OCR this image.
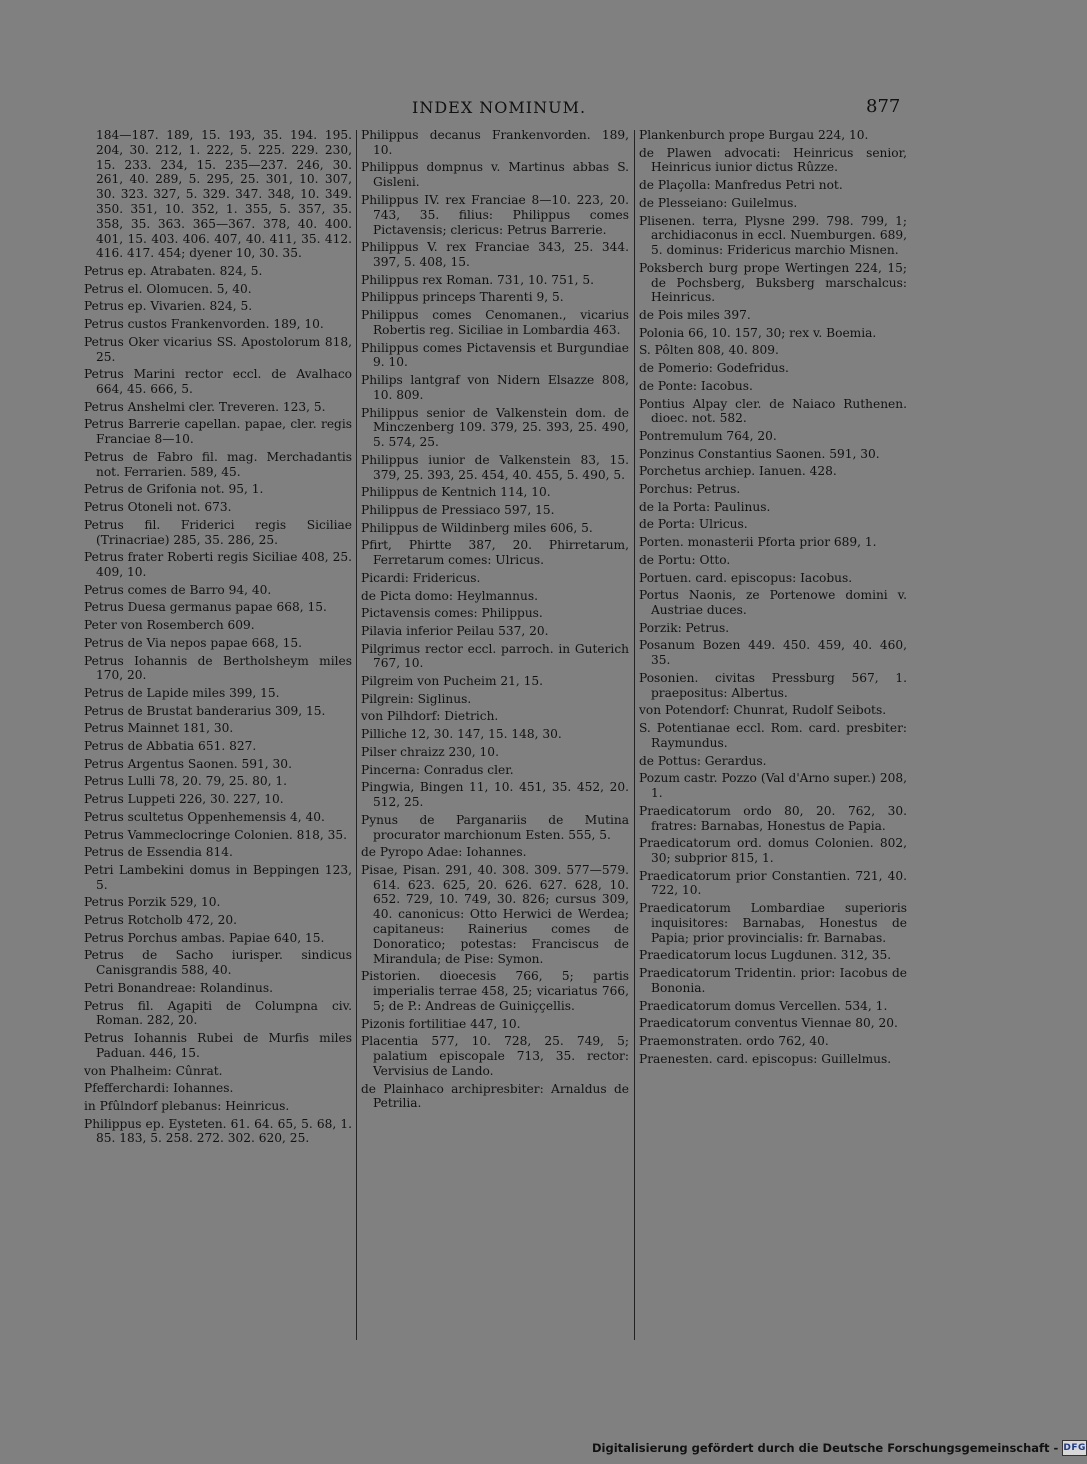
INDEX NOMINUM.	877
184—187. 189, 15. 193, 35. 194. 195. 204, 30. 212, 1. 222, 5. 225. 229. 230, 15. 233. 234, 15. 235—237. 246, 30. 261, 40. 289, 5. 295, 25. 301, 10. 307, 30. 323. 327, 5. 329. 347. 348, 10. 349. 350. 351, 10. 352, 1. 355, 5. 357, 35. 358, 35. 363. 365—367. 378, 40. 400. 401, 15. 403. 406. 407, 40. 411, 35. 412. 416. 417. 454; dyener 10, 30. 35.
Petrus ep. Atrabaten. 824, 5.
Petrus el. Olomucen. 5, 40.
Petrus ep. Vivarien. 824, 5.
Petrus custos Frankenvorden. 189, 10.
Petrus Oker vicarius SS. Apostolorum 818, 25.
Petrus Marini rector eccl. de Avalhaco 664, 45. 666, 5.
Petrus Anshelmi cler. Treveren. 123, 5.
Petrus Barrerie capellan. papae, cler. regis Franciae 8—10.
Petrus de Fabro fil. mag. Merchadantis not. Ferrarien. 589, 45.
Petrus de Grifonia not. 95, 1.
Petrus Otoneli not. 673.
Petrus fil. Friderici regis Siciliae (Trinacriae) 285, 35. 286, 25.
Petrus frater Roberti regis Siciliae 408, 25. 409, 10.
Petrus comes de Barro 94, 40.
Petrus Duesa germanus papae 668, 15.
Peter von Rosemberch 609.
Petrus de Via nepos papae 668, 15.
Petrus Iohannis de Bertholsheym miles 170, 20.
Petrus de Lapide miles 399, 15.
Petrus de Brustat banderarius 309, 15.
Petrus Mainnet 181, 30.
Petrus de Abbatia 651. 827.
Petrus Argentus Saonen. 591, 30.
Petrus Lulli 78, 20. 79, 25. 80, 1.
Petrus Luppeti 226, 30. 227, 10.
Petrus scultetus Oppenhemensis 4, 40.
Petrus Vammeclocringe Colonien. 818, 35.
Petrus de Essendia 814.
Petri Lambekini domus in Beppingen 123, 5.
Petrus Porzik 529, 10.
Petrus Rotcholb 472, 20.
Petrus Porchus ambas. Papiae 640, 15.
Petrus de Sacho iurisper. sindicus Canisgrandis 588, 40.
Petri Bonandreae: Rolandinus.
Petrus fil. Agapiti de Columpna civ. Roman. 282, 20.
Petrus Iohannis Rubei de Murfis miles Paduan. 446, 15.
von Phalheim: Cûnrat.
Pfefferchardi: Iohannes.
in Pfûlndorf plebanus: Heinricus.
Philippus ep. Eysteten. 61. 64. 65, 5. 68, 1. 85. 183, 5. 258. 272. 302. 620, 25.
Philippus decanus Frankenvorden. 189, 10.
Philippus dompnus v. Martinus abbas S. Gisleni.
Philippus IV. rex Franciae 8—10. 223, 20. 743, 35. filius: Philippus comes Pictavensis; clericus: Petrus Barrerie.
Philippus V. rex Franciae 343, 25. 344. 397, 5. 408, 15.
Philippus rex Roman. 731, 10. 751, 5.
Philippus princeps Tharenti 9, 5.
Philippus comes Cenomanen., vicarius Robertis reg. Siciliae in Lombardia 463.
Philippus comes Pictavensis et Burgundiae 9. 10.
Philips lantgraf von Nidern Elsazze 808, 10. 809.
Philippus senior de Valkenstein dom. de Minczenberg 109. 379, 25. 393, 25. 490, 5. 574, 25.
Philippus iunior de Valkenstein 83, 15. 379, 25. 393, 25. 454, 40. 455, 5. 490, 5.
Philippus de Kentnich 114, 10.
Philippus de Pressiaco 597, 15.
Philippus de Wildinberg miles 606, 5.
Pfirt, Phirtte 387, 20. Phirretarum, Ferretarum comes: Ulricus.
Picardi: Fridericus.
de Picta domo: Heylmannus.
Pictavensis comes: Philippus.
Pilavia inferior Peilau 537, 20.
Pilgrimus rector eccl. parroch. in Guterich 767, 10.
Pilgreim von Pucheim 21, 15.
Pilgrein: Siglinus.
von Pilhdorf: Dietrich.
Pilliche 12, 30. 147, 15. 148, 30.
Pilser chraizz 230, 10.
Pincerna: Conradus cler.
Pingwia, Bingen 11, 10. 451, 35. 452, 20. 512, 25.
Pynus de Parganariis de Mutina procurator marchionum Esten. 555, 5.
de Pyropo Adae: Iohannes.
Pisae, Pisan. 291, 40. 308. 309. 577—579. 614. 623. 625, 20. 626. 627. 628, 10. 652. 729, 10. 749, 30. 826; cursus 309, 40. canonicus: Otto Herwici de Werdea; capitaneus: Rainerius comes de Donoratico; potestas: Franciscus de Mirandula; de Pise: Symon.
Pistorien. dioecesis 766, 5; partis imperialis terrae 458, 25; vicariatus 766, 5; de P.: Andreas de Guiniççellis.
Pizonis fortilitiae 447, 10.
Placentia 577, 10. 728, 25. 749, 5; palatium episcopale 713, 35. rector: Vervisius de Lando.
de Plainhaco archipresbiter: Arnaldus de Petrilia.
Plankenburch prope Burgau 224, 10.
de Plawen advocati: Heinricus senior, Heinricus iunior dictus Rûzze.
de Plaçolla: Manfredus Petri not.
de Plesseiano: Guilelmus.
Plisenen. terra, Plysne 299. 798. 799, 1; archidiaconus in eccl. Nuemburgen. 689, 5. dominus: Fridericus marchio Misnen.
Poksberch burg prope Wertingen 224, 15; de Pochsberg, Buksberg marschalcus: Heinricus.
de Pois miles 397.
Polonia 66, 10. 157, 30; rex v. Boemia.
S. Pôlten 808, 40. 809.
de Pomerio: Godefridus.
de Ponte: Iacobus.
Pontius Alpay cler. de Naiaco Ruthenen. dioec. not. 582.
Pontremulum 764, 20.
Ponzinus Constantius Saonen. 591, 30.
Porchetus archiep. Ianuen. 428.
Porchus: Petrus.
de la Porta: Paulinus.
de Porta: Ulricus.
Porten. monasterii Pforta prior 689, 1.
de Portu: Otto.
Portuen. card. episcopus: Iacobus.
Portus Naonis, ze Portenowe domini v. Austriae duces.
Porzik: Petrus.
Posanum Bozen 449. 450. 459, 40. 460, 35.
Posonien. civitas Pressburg 567, 1. praepositus: Albertus.
von Potendorf: Chunrat, Rudolf Seibots.
S. Potentianae eccl. Rom. card. presbiter: Raymundus.
de Pottus: Gerardus.
Pozum castr. Pozzo (Val d'Arno super.) 208, 1.
Praedicatorum ordo 80, 20. 762, 30. fratres: Barnabas, Honestus de Papia.
Praedicatorum ord. domus Colonien. 802, 30; subprior 815, 1.
Praedicatorum prior Constantien. 721, 40. 722, 10.
Praedicatorum Lombardiae superioris inquisitores: Barnabas, Honestus de Papia; prior provincialis: fr. Barnabas.
Praedicatorum locus Lugdunen. 312, 35.
Praedicatorum Tridentin. prior: Iacobus de Bononia.
Praedicatorum domus Vercellen. 534, 1.
Praedicatorum conventus Viennae 80, 20.
Praemonstraten. ordo 762, 40.
Praenesten. card. episcopus: Guillelmus.
Digitalisierung gefördert durch die Deutsche Forschungsgemeinschaft - DFG
